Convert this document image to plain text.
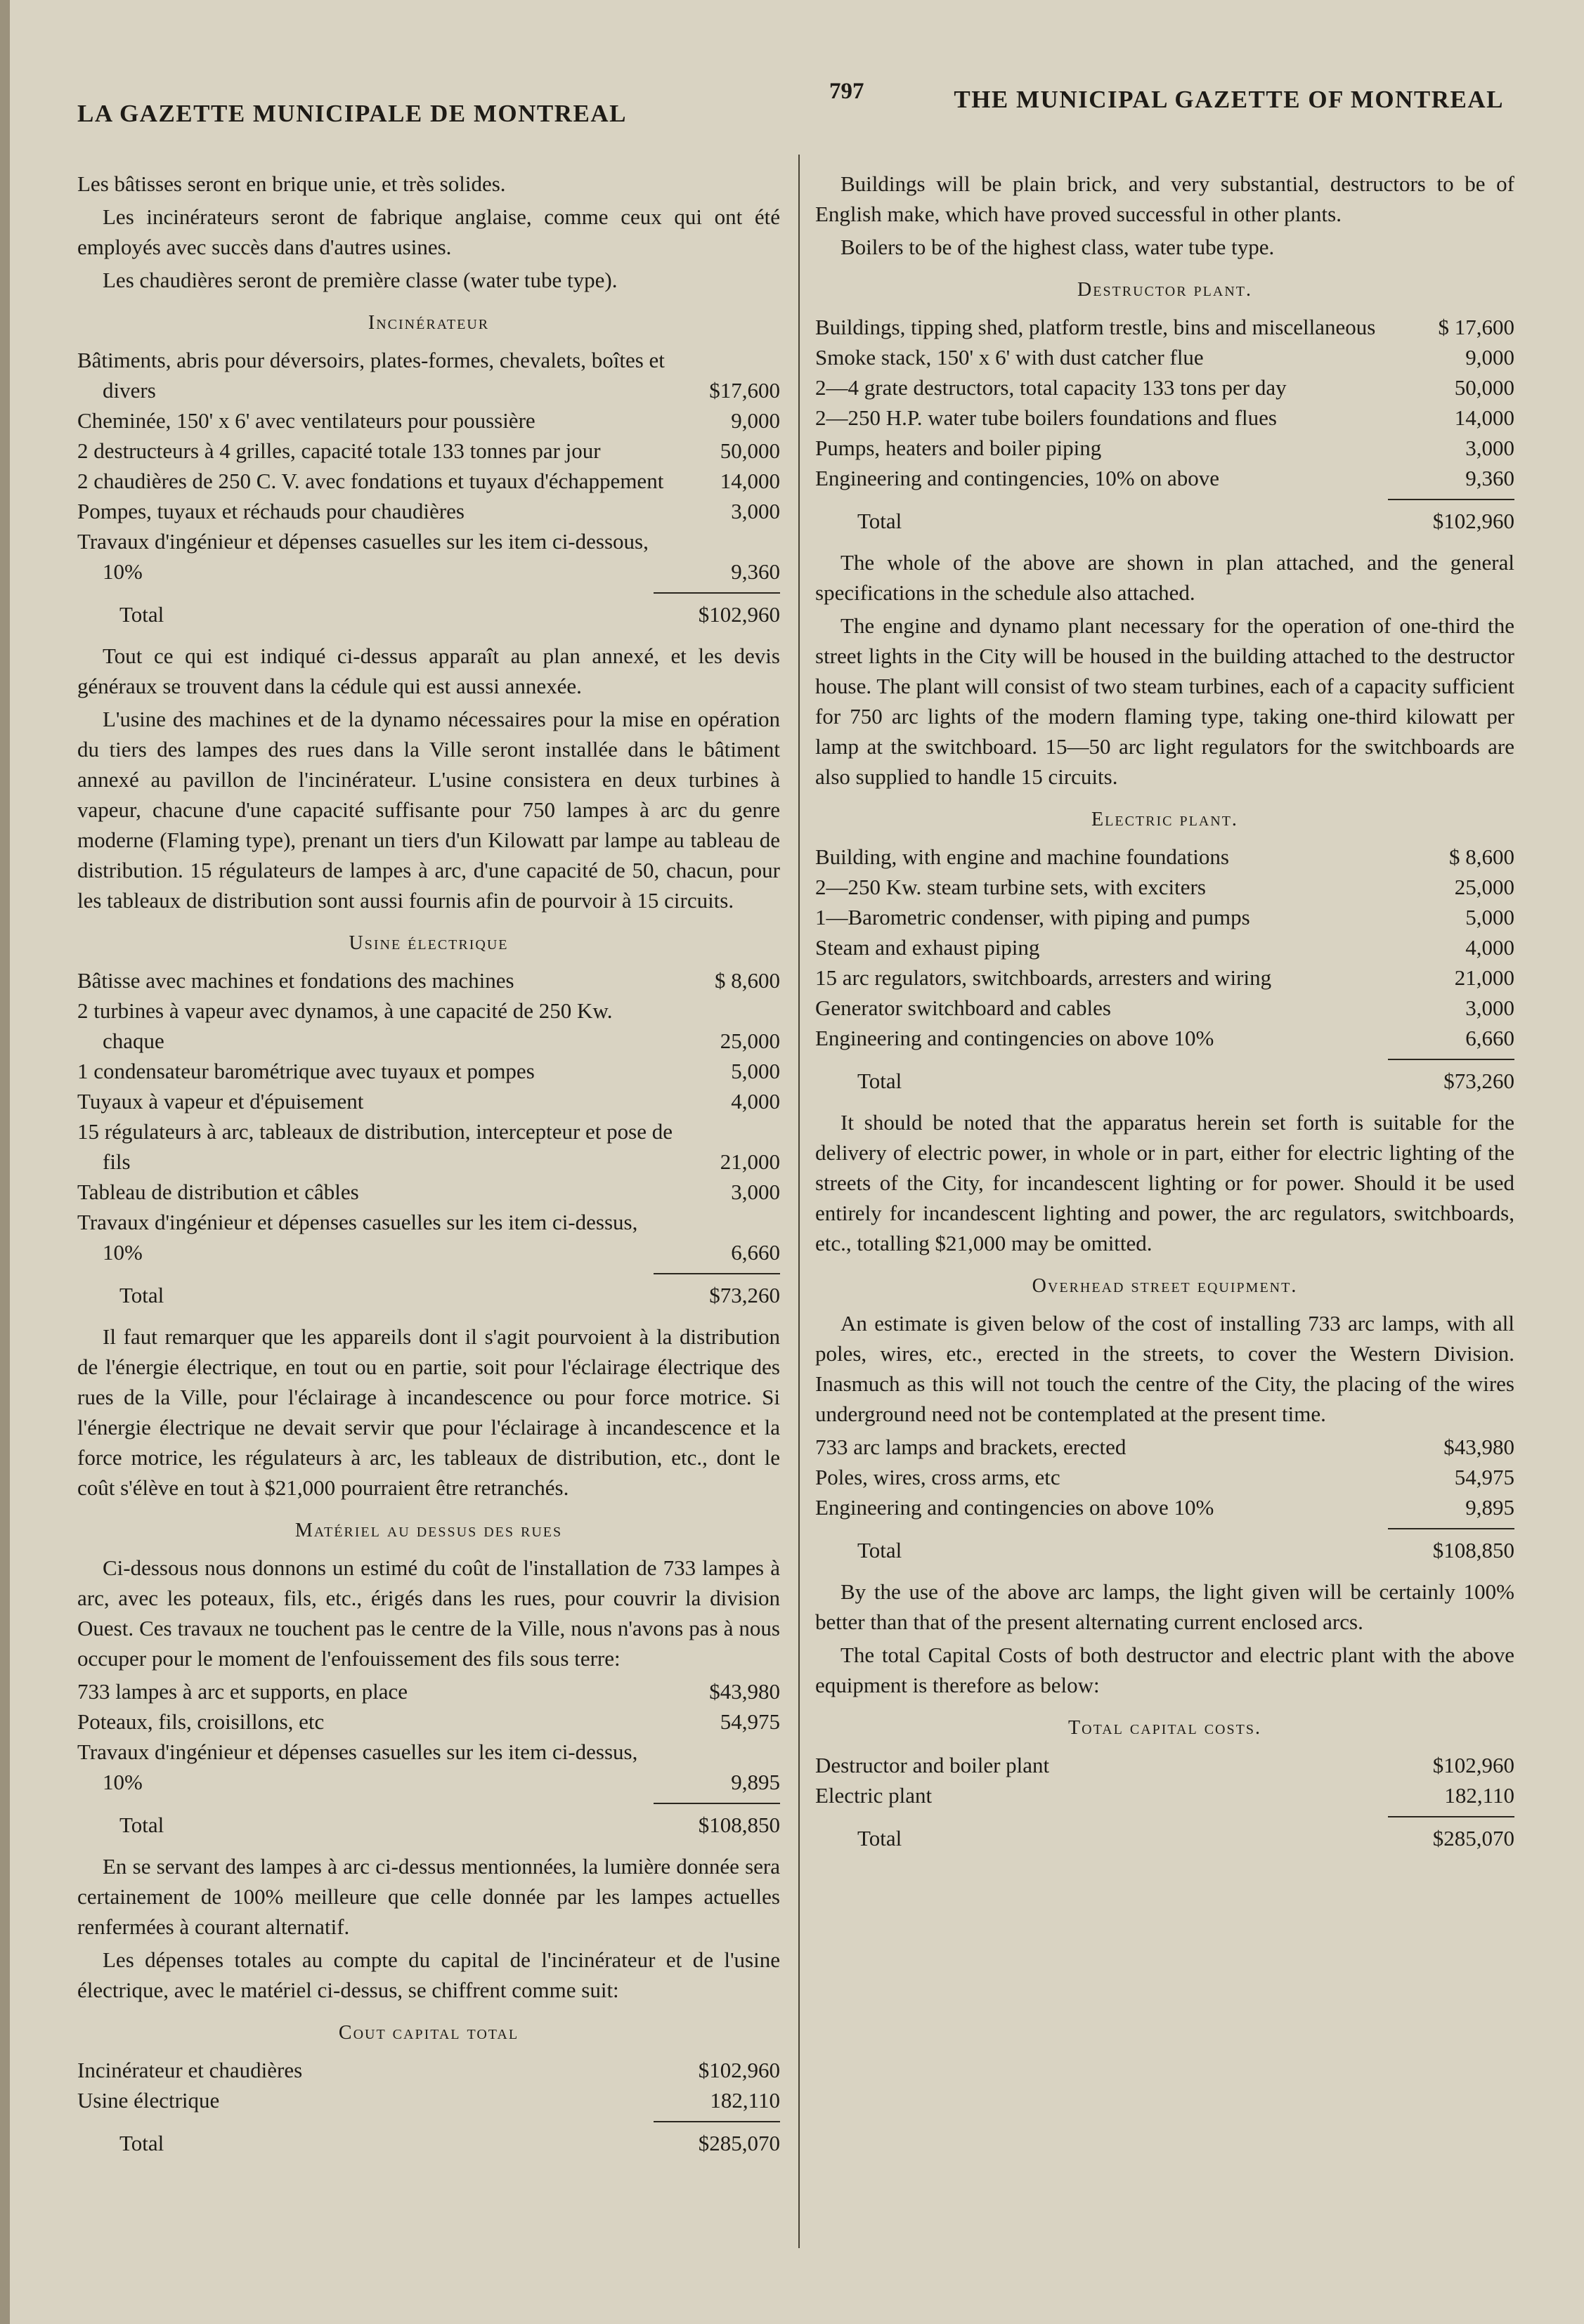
LA GAZETTE MUNICIPALE DE MONTREAL
797	THE MUNICIPAL GAZETTE OF MONTREAL

Les bâtisses seront en brique unie, et très solides.

Les incinérateurs seront de fabrique anglaise, comme ceux qui ont été employés avec succès dans d'autres usines.

Les chaudières seront de première classe (water tube type).

Incinérateur
Bâtiments, abris pour déversoirs, plates-formes, chevalets, boîtes et divers	$17,600
Cheminée, 150' x 6' avec ventilateurs pour poussière	9,000
2 destructeurs à 4 grilles, capacité totale 133 tonnes par jour	50,000
2 chaudières de 250 C. V. avec fondations et tuyaux d'échappement	14,000
Pompes, tuyaux et réchauds pour chaudières	3,000
Travaux d'ingénieur et dépenses casuelles sur les item ci-dessous, 10%	9,360
Total	$102,960

Tout ce qui est indiqué ci-dessus apparaît au plan annexé, et les devis généraux se trouvent dans la cédule qui est aussi annexée.

L'usine des machines et de la dynamo nécessaires pour la mise en opération du tiers des lampes des rues dans la Ville seront installée dans le bâtiment annexé au pavillon de l'incinérateur. L'usine consistera en deux turbines à vapeur, chacune d'une capacité suffisante pour 750 lampes à arc du genre moderne (Flaming type), prenant un tiers d'un Kilowatt par lampe au tableau de distribution. 15 régulateurs de lampes à arc, d'une capacité de 50, chacun, pour les tableaux de distribution sont aussi fournis afin de pourvoir à 15 circuits.

Usine électrique
Bâtisse avec machines et fondations des machines	$ 8,600
2 turbines à vapeur avec dynamos, à une capacité de 250 Kw. chaque	25,000
1 condensateur barométrique avec tuyaux et pompes	5,000
Tuyaux à vapeur et d'épuisement	4,000
15 régulateurs à arc, tableaux de distribution, intercepteur et pose de fils	21,000
Tableau de distribution et câbles	3,000
Travaux d'ingénieur et dépenses casuelles sur les item ci-dessus, 10%	6,660
Total	$73,260

Il faut remarquer que les appareils dont il s'agit pourvoient à la distribution de l'énergie électrique, en tout ou en partie, soit pour l'éclairage électrique des rues de la Ville, pour l'éclairage à incandescence ou pour force motrice. Si l'énergie électrique ne devait servir que pour l'éclairage à incandescence et la force motrice, les régulateurs à arc, les tableaux de distribution, etc., dont le coût s'élève en tout à $21,000 pourraient être retranchés.

Matériel au dessus des rues

Ci-dessous nous donnons un estimé du coût de l'installation de 733 lampes à arc, avec les poteaux, fils, etc., érigés dans les rues, pour couvrir la division Ouest. Ces travaux ne touchent pas le centre de la Ville, nous n'avons pas à nous occuper pour le moment de l'enfouissement des fils sous terre:

733 lampes à arc et supports, en place	$43,980
Poteaux, fils, croisillons, etc	54,975
Travaux d'ingénieur et dépenses casuelles sur les item ci-dessus, 10%	9,895
Total	$108,850

En se servant des lampes à arc ci-dessus mentionnées, la lumière donnée sera certainement de 100% meilleure que celle donnée par les lampes actuelles renfermées à courant alternatif.

Les dépenses totales au compte du capital de l'incinérateur et de l'usine électrique, avec le matériel ci-dessus, se chiffrent comme suit:

Cout capital total
Incinérateur et chaudières	$102,960
Usine électrique	182,110
Total	$285,070

Buildings will be plain brick, and very substantial, destructors to be of English make, which have proved successful in other plants.

Boilers to be of the highest class, water tube type.

Destructor plant.
Buildings, tipping shed, platform trestle, bins and miscellaneous	$ 17,600
Smoke stack, 150' x 6' with dust catcher flue	9,000
2—4 grate destructors, total capacity 133 tons per day	50,000
2—250 H.P. water tube boilers foundations and flues	14,000
Pumps, heaters and boiler piping	3,000
Engineering and contingencies, 10% on above	9,360
Total	$102,960

The whole of the above are shown in plan attached, and the general specifications in the schedule also attached.

The engine and dynamo plant necessary for the operation of one-third the street lights in the City will be housed in the building attached to the destructor house. The plant will consist of two steam turbines, each of a capacity sufficient for 750 arc lights of the modern flaming type, taking one-third kilowatt per lamp at the switchboard. 15—50 arc light regulators for the switchboards are also supplied to handle 15 circuits.

Electric plant.
Building, with engine and machine foundations	$ 8,600
2—250 Kw. steam turbine sets, with exciters	25,000
1—Barometric condenser, with piping and pumps	5,000
Steam and exhaust piping	4,000
15 arc regulators, switchboards, arresters and wiring	21,000
Generator switchboard and cables	3,000
Engineering and contingencies on above 10%	6,660
Total	$73,260

It should be noted that the apparatus herein set forth is suitable for the delivery of electric power, in whole or in part, either for electric lighting of the streets of the City, for incandescent lighting or for power. Should it be used entirely for incandescent lighting and power, the arc regulators, switchboards, etc., totalling $21,000 may be omitted.

Overhead street equipment.

An estimate is given below of the cost of installing 733 arc lamps, with all poles, wires, etc., erected in the streets, to cover the Western Division. Inasmuch as this will not touch the centre of the City, the placing of the wires underground need not be contemplated at the present time.

733 arc lamps and brackets, erected	$43,980
Poles, wires, cross arms, etc	54,975
Engineering and contingencies on above 10%	9,895
Total	$108,850

By the use of the above arc lamps, the light given will be certainly 100% better than that of the present alternating current enclosed arcs.

The total Capital Costs of both destructor and electric plant with the above equipment is therefore as below:

Total capital costs.
Destructor and boiler plant	$102,960
Electric plant	182,110
Total	$285,070
